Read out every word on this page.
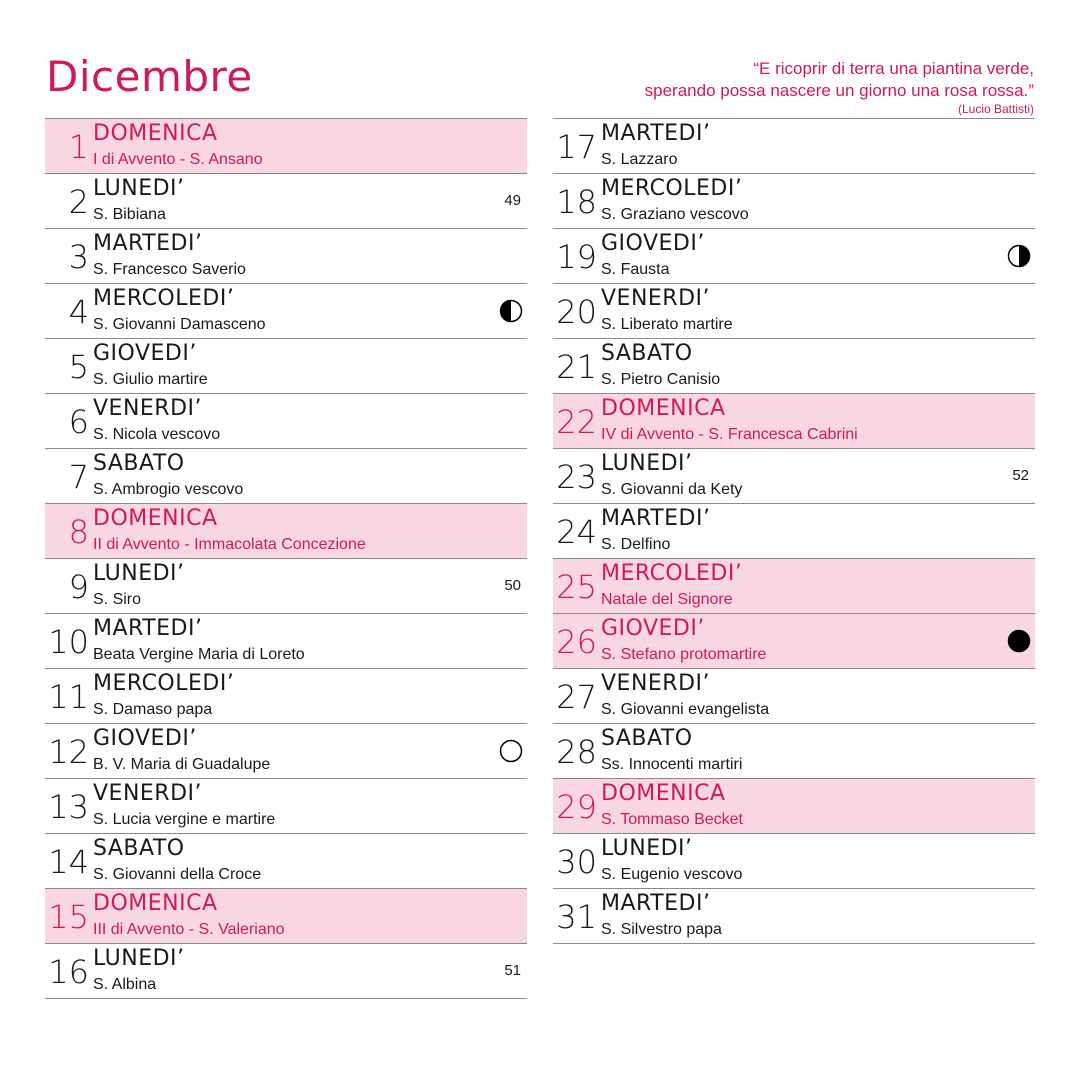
Dicembre	“E ricoprir di terra una piantina verde,
sperando possa nascere un giorno una rosa rossa.”
(Lucio Battisti)
1 DOMENICA
I di Avvento - S. Ansano
2 LUNEDI’
S. Bibiana
49
3 MARTEDI’
S. Francesco Saverio
4 MERCOLEDI’
S. Giovanni Damasceno
5 GIOVEDI’
S. Giulio martire
6 VENERDI’
S. Nicola vescovo
7 SABATO
S. Ambrogio vescovo
8 DOMENICA
II di Avvento - Immacolata Concezione
9 LUNEDI’
S. Siro
50
10 MARTEDI’
Beata Vergine Maria di Loreto
11 MERCOLEDI’
S. Damaso papa
12 GIOVEDI’
B. V. Maria di Guadalupe
13 VENERDI’
S. Lucia vergine e martire
14 SABATO
S. Giovanni della Croce
15 DOMENICA
III di Avvento - S. Valeriano
16 LUNEDI’
S. Albina
51
17 MARTEDI’
S. Lazzaro
18 MERCOLEDI’
S. Graziano vescovo
19 GIOVEDI’
S. Fausta
20 VENERDI’
S. Liberato martire
21 SABATO
S. Pietro Canisio
22 DOMENICA
IV di Avvento - S. Francesca Cabrini
23 LUNEDI’
S. Giovanni da Kety
52
24 MARTEDI’
S. Delfino
25 MERCOLEDI’
Natale del Signore
26 GIOVEDI’
S. Stefano protomartire
27 VENERDI’
S. Giovanni evangelista
28 SABATO
Ss. Innocenti martiri
29 DOMENICA
S. Tommaso Becket
30 LUNEDI’
S. Eugenio vescovo
31 MARTEDI’
S. Silvestro papa
